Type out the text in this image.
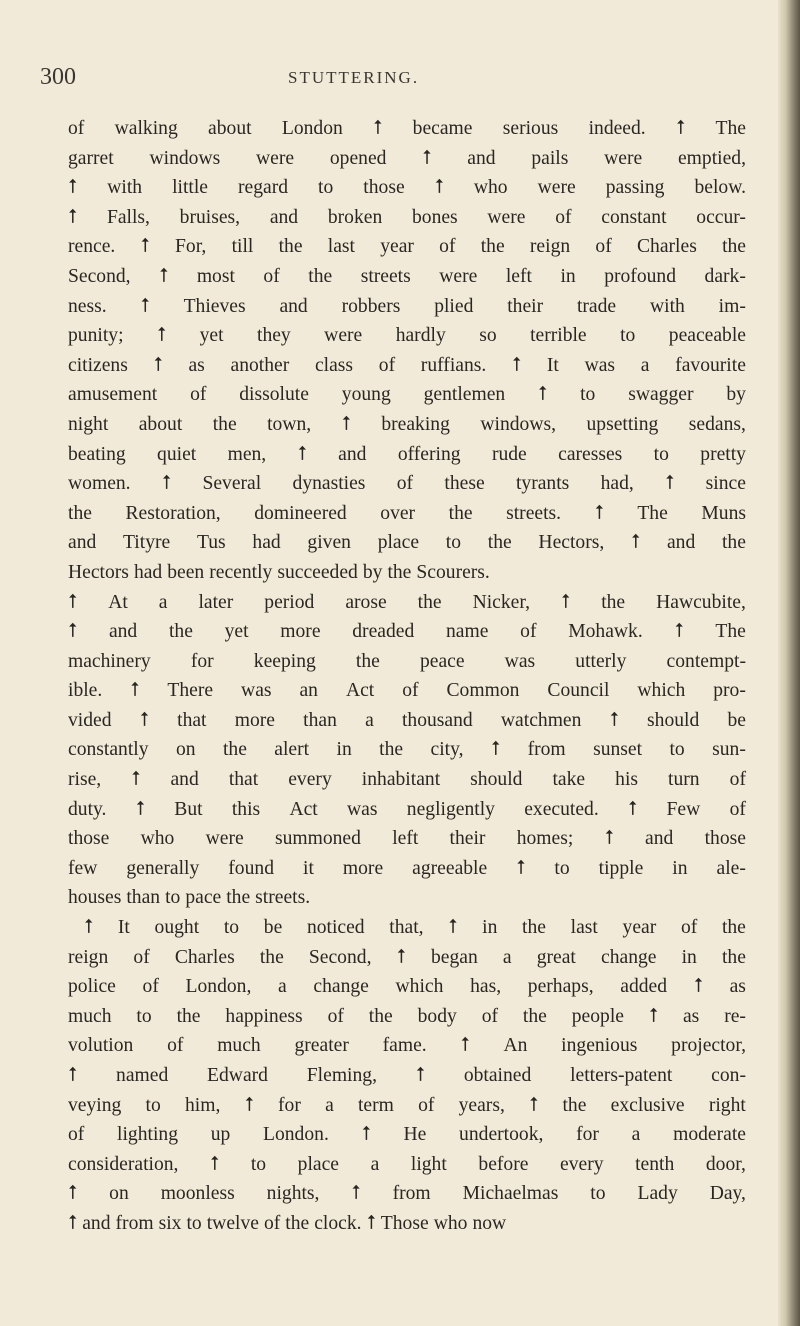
300	STUTTERING.
of walking about London ⭡ became serious indeed. ⭡ The
garret windows were opened ⭡ and pails were emptied,
⭡ with little regard to those ⭡ who were passing below.
⭡ Falls, bruises, and broken bones were of constant occur-
rence. ⭡ For, till the last year of the reign of Charles the
Second, ⭡ most of the streets were left in profound dark-
ness. ⭡ Thieves and robbers plied their trade with im-
punity; ⭡ yet they were hardly so terrible to peaceable
citizens ⭡ as another class of ruffians. ⭡ It was a favourite
amusement of dissolute young gentlemen ⭡ to swagger by
night about the town, ⭡ breaking windows, upsetting sedans,
beating quiet men, ⭡ and offering rude caresses to pretty
women. ⭡ Several dynasties of these tyrants had, ⭡ since
the Restoration, domineered over the streets. ⭡ The Muns
and Tityre Tus had given place to the Hectors, ⭡ and the
Hectors had been recently succeeded by the Scourers.
⭡ At a later period arose the Nicker, ⭡ the Hawcubite,
⭡ and the yet more dreaded name of Mohawk. ⭡ The
machinery for keeping the peace was utterly contempt-
ible. ⭡ There was an Act of Common Council which pro-
vided ⭡ that more than a thousand watchmen ⭡ should be
constantly on the alert in the city, ⭡ from sunset to sun-
rise, ⭡ and that every inhabitant should take his turn of
duty. ⭡ But this Act was negligently executed. ⭡ Few of
those who were summoned left their homes; ⭡ and those
few generally found it more agreeable ⭡ to tipple in ale-
houses than to pace the streets.
⭡ It ought to be noticed that, ⭡ in the last year of the
reign of Charles the Second, ⭡ began a great change in the
police of London, a change which has, perhaps, added ⭡ as
much to the happiness of the body of the people ⭡ as re-
volution of much greater fame. ⭡ An ingenious projector,
⭡ named Edward Fleming, ⭡ obtained letters-patent con-
veying to him, ⭡ for a term of years, ⭡ the exclusive right
of lighting up London. ⭡ He undertook, for a moderate
consideration, ⭡ to place a light before every tenth door,
⭡ on moonless nights, ⭡ from Michaelmas to Lady Day,
⭡ and from six to twelve of the clock. ⭡ Those who now
